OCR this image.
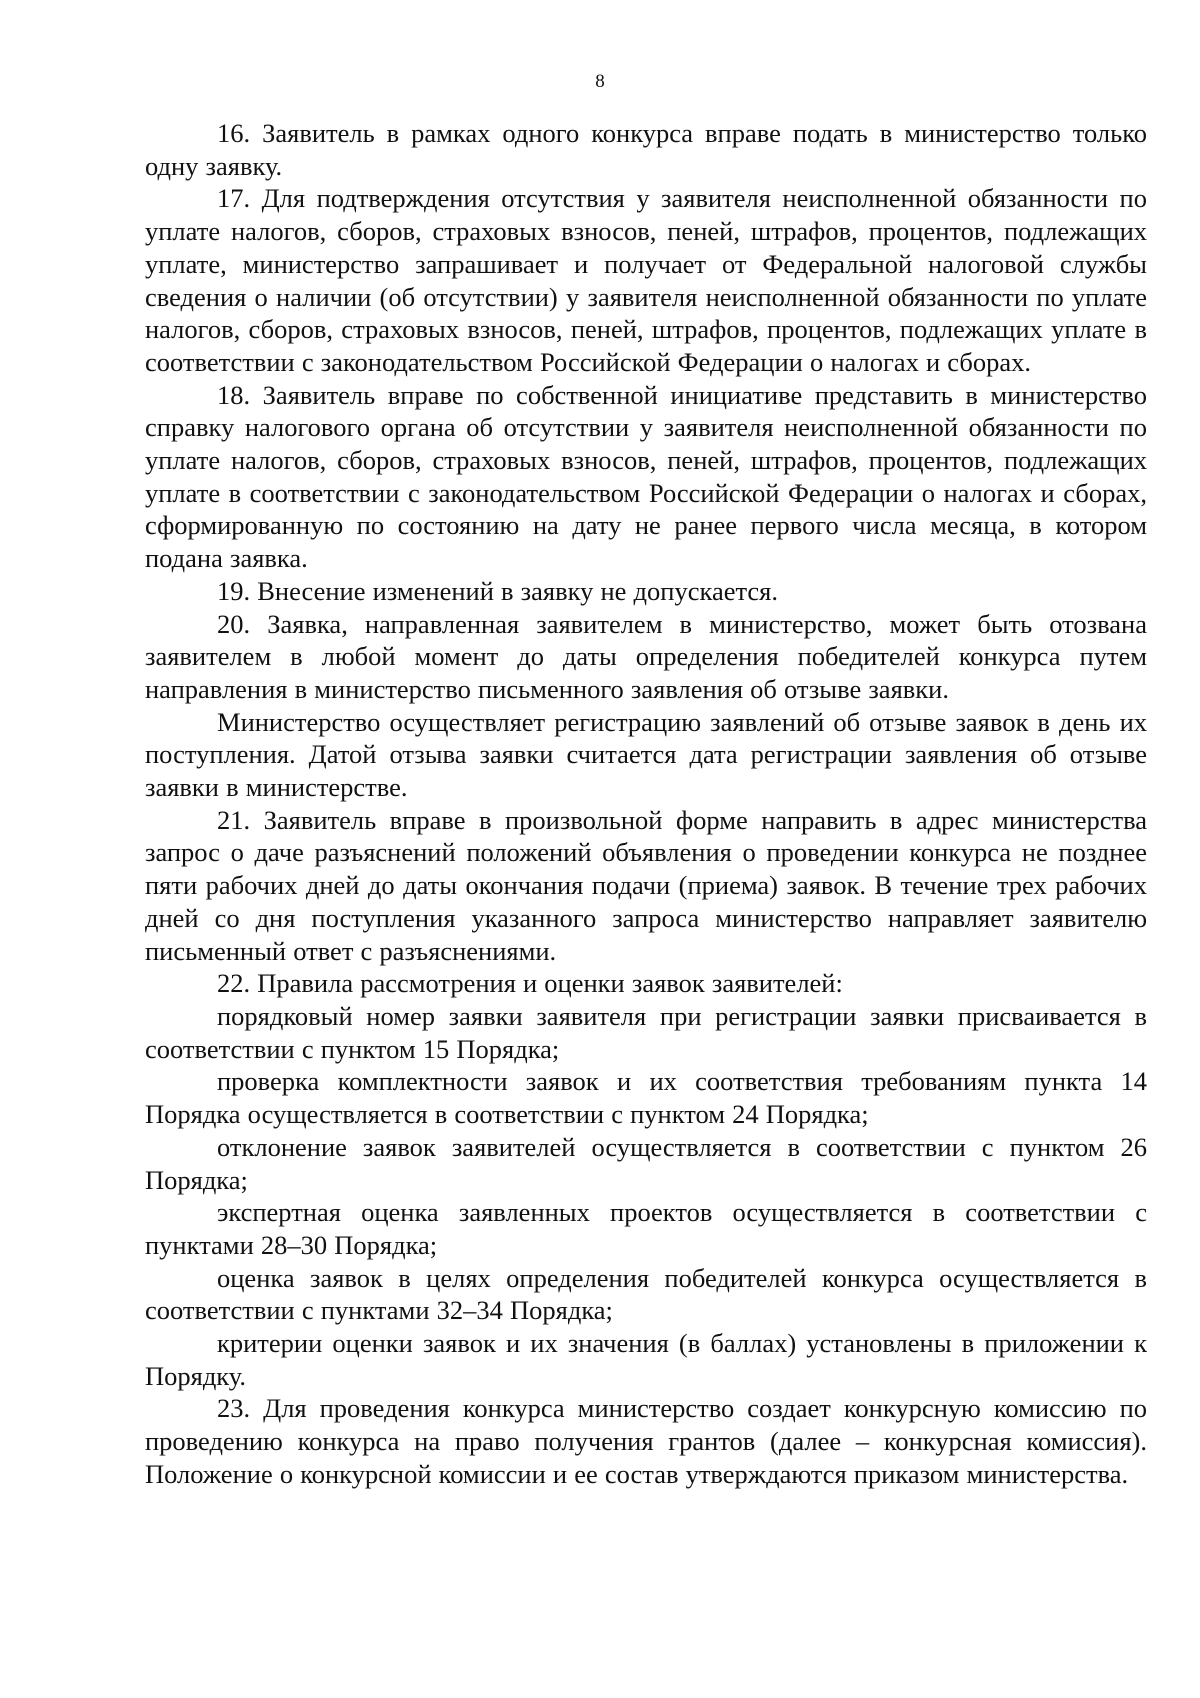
8

16. Заявитель в рамках одного конкурса вправе подать в министерство только одну заявку.

17. Для подтверждения отсутствия у заявителя неисполненной обязанности по уплате налогов, сборов, страховых взносов, пеней, штрафов, процентов, подлежащих уплате, министерство запрашивает и получает от Федеральной налоговой службы сведения о наличии (об отсутствии) у заявителя неисполненной обязанности по уплате налогов, сборов, страховых взносов, пеней, штрафов, процентов, подлежащих уплате в соответствии с законодательством Российской Федерации о налогах и сборах.

18. Заявитель вправе по собственной инициативе представить в министерство справку налогового органа об отсутствии у заявителя неисполненной обязанности по уплате налогов, сборов, страховых взносов, пеней, штрафов, процентов, подлежащих уплате в соответствии с законодательством Российской Федерации о налогах и сборах, сформированную по состоянию на дату не ранее первого числа месяца, в котором подана заявка.

19. Внесение изменений в заявку не допускается.

20. Заявка, направленная заявителем в министерство, может быть отозвана заявителем в любой момент до даты определения победителей конкурса путем направления в министерство письменного заявления об отзыве заявки.

Министерство осуществляет регистрацию заявлений об отзыве заявок в день их поступления. Датой отзыва заявки считается дата регистрации заявления об отзыве заявки в министерстве.

21. Заявитель вправе в произвольной форме направить в адрес министерства запрос о даче разъяснений положений объявления о проведении конкурса не позднее пяти рабочих дней до даты окончания подачи (приема) заявок. В течение трех рабочих дней со дня поступления указанного запроса министерство направляет заявителю письменный ответ с разъяснениями.

22. Правила рассмотрения и оценки заявок заявителей:

порядковый номер заявки заявителя при регистрации заявки присваивается в соответствии с пунктом 15 Порядка;

проверка комплектности заявок и их соответствия требованиям пункта 14 Порядка осуществляется в соответствии с пунктом 24 Порядка;

отклонение заявок заявителей осуществляется в соответствии с пунктом 26 Порядка;

экспертная оценка заявленных проектов осуществляется в соответствии с пунктами 28–30 Порядка;

оценка заявок в целях определения победителей конкурса осуществляется в соответствии с пунктами 32–34 Порядка;

критерии оценки заявок и их значения (в баллах) установлены в приложении к Порядку.

23. Для проведения конкурса министерство создает конкурсную комиссию по проведению конкурса на право получения грантов (далее – конкурсная комиссия). Положение о конкурсной комиссии и ее состав утверждаются приказом министерства.
